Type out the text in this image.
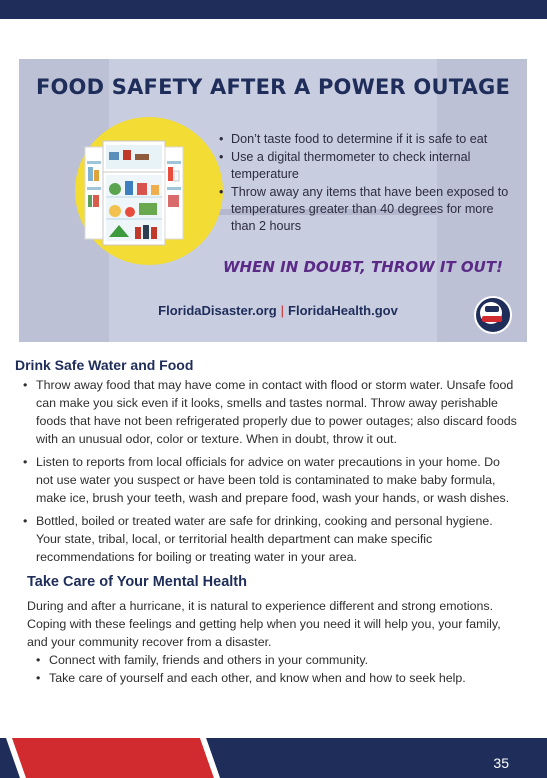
FOOD SAFETY AFTER A POWER OUTAGE
• Don’t taste food to determine if it is safe to eat
• Use a digital thermometer to check internal temperature
• Throw away any items that have been exposed to temperatures greater than 40 degrees for more than 2 hours
WHEN IN DOUBT, THROW IT OUT!
FloridaDisaster.org | FloridaHealth.gov
Drink Safe Water and Food
• Throw away food that may have come in contact with flood or storm water. Unsafe food can make you sick even if it looks, smells and tastes normal. Throw away perishable foods that have not been refrigerated properly due to power outages; also discard foods with an unusual odor, color or texture. When in doubt, throw it out.
• Listen to reports from local officials for advice on water precautions in your home. Do not use water you suspect or have been told is contaminated to make baby formula, make ice, brush your teeth, wash and prepare food, wash your hands, or wash dishes.
• Bottled, boiled or treated water are safe for drinking, cooking and personal hygiene. Your state, tribal, local, or territorial health department can make specific recommendations for boiling or treating water in your area.
Take Care of Your Mental Health

During and after a hurricane, it is natural to experience different and strong emotions. Coping with these feelings and getting help when you need it will help you, your family, and your community recover from a disaster.

• Connect with family, friends and others in your community.
• Take care of yourself and each other, and know when and how to seek help.
35
